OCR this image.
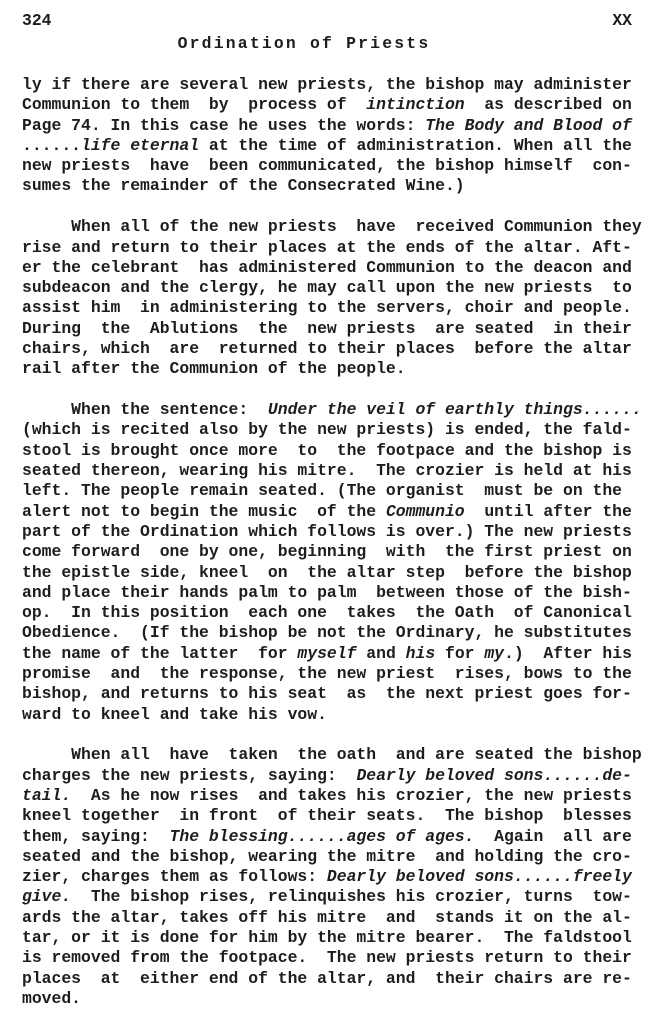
324	XX
Ordination of Priests
ly if there are several new priests, the bishop may administer
Communion to them  by  process of  intinction  as described on
Page 74. In this case he uses the words: The Body and Blood of
......life eternal at the time of administration. When all the
new priests  have  been communicated, the bishop himself  con-
sumes the remainder of the Consecrated Wine.)
When all of the new priests  have  received Communion they
rise and return to their places at the ends of the altar. Aft-
er the celebrant  has administered Communion to the deacon and
subdeacon and the clergy, he may call upon the new priests  to
assist him  in administering to the servers, choir and people.
During  the  Ablutions  the  new priests  are seated  in their
chairs, which  are  returned to their places  before the altar
rail after the Communion of the people.
When the sentence:  Under the veil of earthly things......
(which is recited also by the new priests) is ended, the fald-
stool is brought once more  to  the footpace and the bishop is
seated thereon, wearing his mitre.  The crozier is held at his
left. The people remain seated. (The organist  must be on the
alert not to begin the music  of the Communio  until after the
part of the Ordination which follows is over.) The new priests
come forward  one by one, beginning  with  the first priest on
the epistle side, kneel  on  the altar step  before the bishop
and place their hands palm to palm  between those of the bish-
op.  In this position  each one  takes  the Oath  of Canonical
Obedience.  (If the bishop be not the Ordinary, he substitutes
the name of the latter  for myself and his for my.)  After his
promise  and  the response, the new priest  rises, bows to the
bishop, and returns to his seat  as  the next priest goes for-
ward to kneel and take his vow.
When all  have  taken  the oath  and are seated the bishop
charges the new priests, saying:  Dearly beloved sons......de-
tail.  As he now rises  and takes his crozier, the new priests
kneel together  in front  of their seats.  The bishop  blesses
them, saying:  The blessing......ages of ages.  Again  all are
seated and the bishop, wearing the mitre  and holding the cro-
zier, charges them as follows: Dearly beloved sons......freely
give.  The bishop rises, relinquishes his crozier, turns  tow-
ards the altar, takes off his mitre  and  stands it on the al-
tar, or it is done for him by the mitre bearer.  The faldstool
is removed from the footpace.  The new priests return to their
places  at  either end of the altar, and  their chairs are re-
moved.
